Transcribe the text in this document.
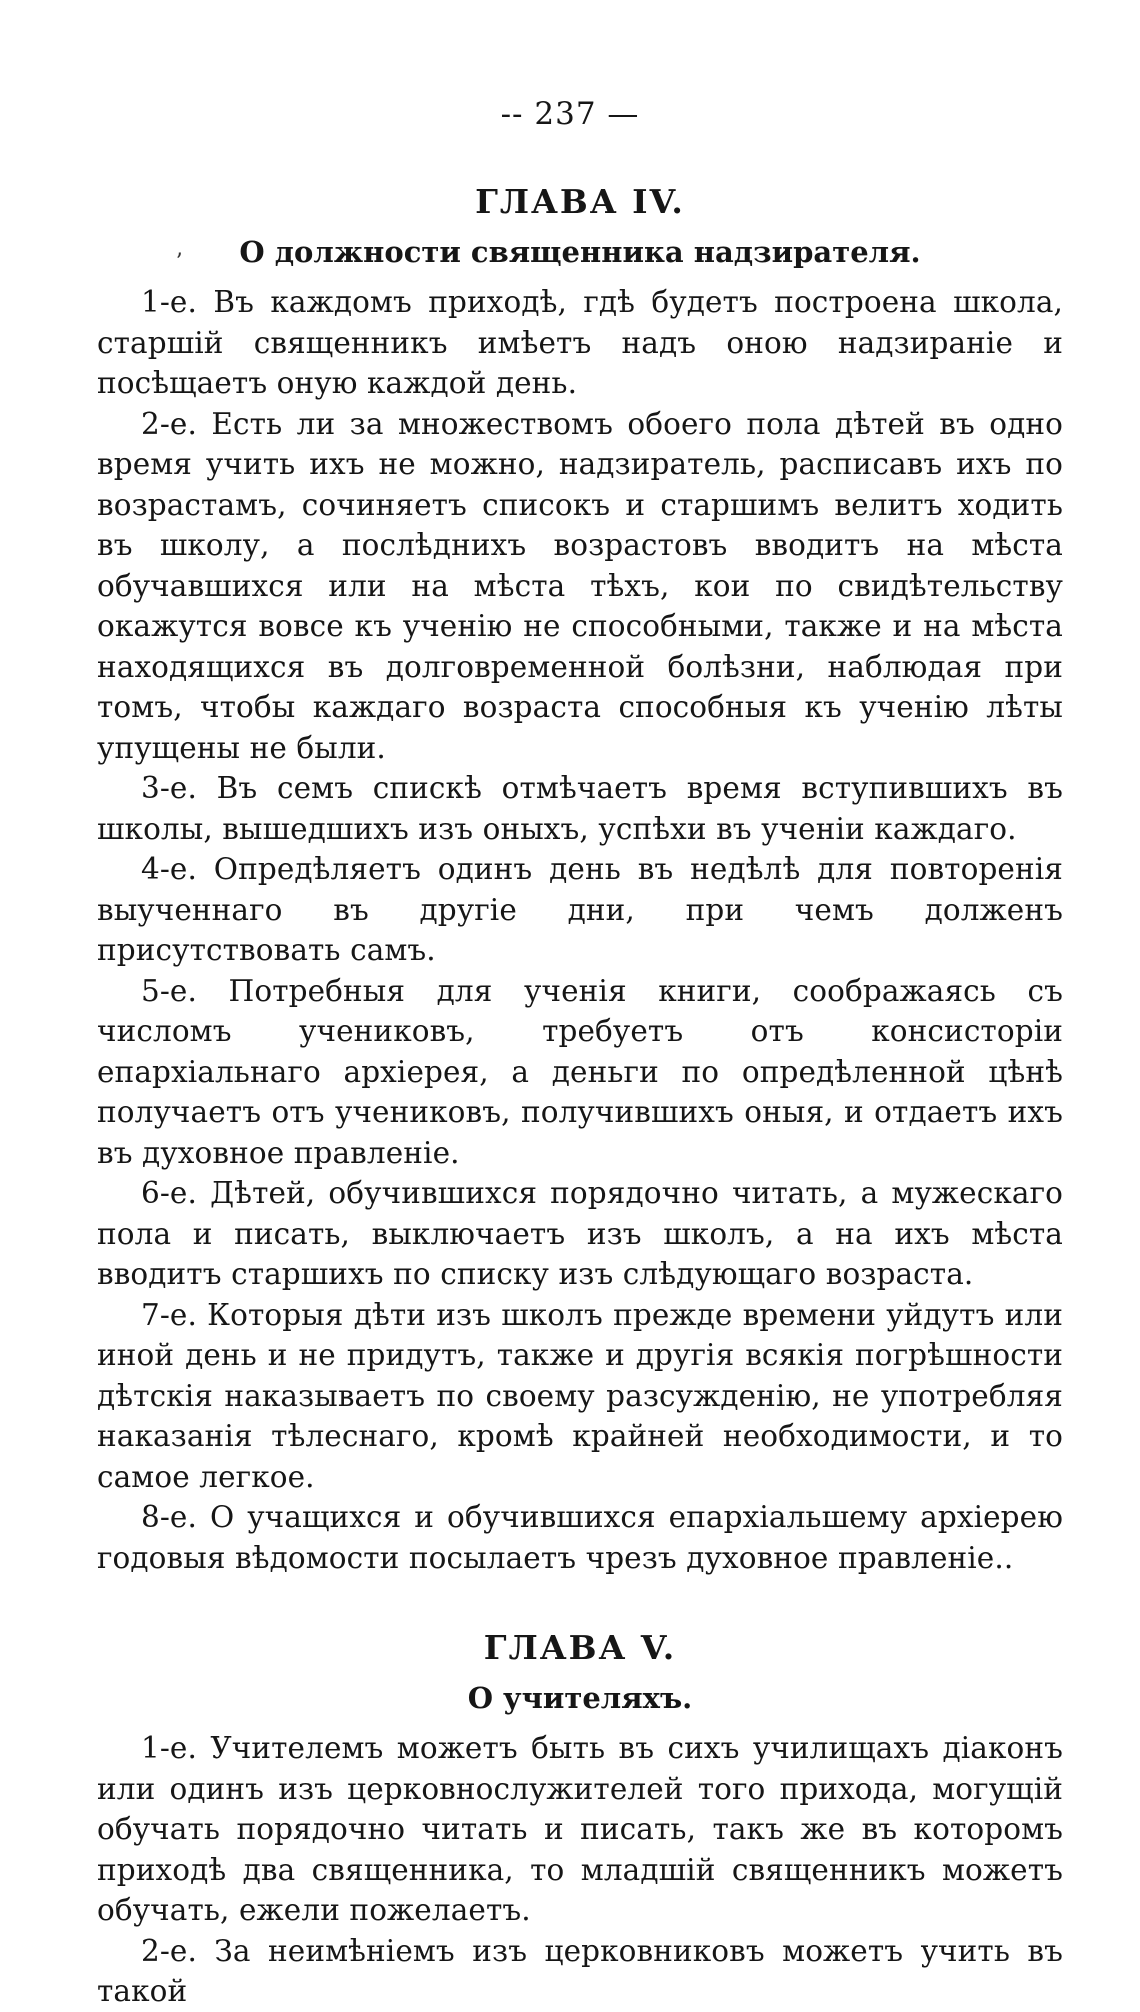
-- 237 —
ʼ
ГЛАВА IV.
О должности священника надзирателя.

1-е. Въ каждомъ приходѣ, гдѣ будетъ построена школа, старшій священникъ имѣетъ надъ оною надзираніе и посѣщаетъ оную каждой день.

2-е. Есть ли за множествомъ обоего пола дѣтей въ одно время учить ихъ не можно, надзиратель, расписавъ ихъ по возрастамъ, сочиняетъ списокъ и старшимъ велитъ ходить въ школу, а послѣднихъ возрастовъ вводитъ на мѣста обучавшихся или на мѣста тѣхъ, кои по свидѣтельству окажутся вовсе къ ученію не способными, также и на мѣста находящихся въ долговременной болѣзни, наблюдая при томъ, чтобы каждаго возраста способныя къ ученію лѣты упущены не были.

3-е. Въ семъ спискѣ отмѣчаетъ время вступившихъ въ школы, вышедшихъ изъ оныхъ, успѣхи въ ученіи каждаго.

4-е. Опредѣляетъ одинъ день въ недѣлѣ для повторенія выученнаго въ другіе дни, при чемъ долженъ присутствовать самъ.

5-е. Потребныя для ученія книги, соображаясь съ числомъ учениковъ, требуетъ отъ консисторіи епархіальнаго архіерея, а деньги по опредѣленной цѣнѣ получаетъ отъ учениковъ, получившихъ оныя, и отдаетъ ихъ въ духовное правленіе.

6-е. Дѣтей, обучившихся порядочно читать, а мужескаго пола и писать, выключаетъ изъ школъ, а на ихъ мѣста вводитъ старшихъ по списку изъ слѣдующаго возраста.

7-е. Которыя дѣти изъ школъ прежде времени уйдутъ или иной день и не придутъ, также и другія всякія погрѣшности дѣтскія наказываетъ по своему разсужденію, не употребляя наказанія тѣлеснаго, кромѣ крайней необходимости, и то самое легкое.

8-е. О учащихся и обучившихся епархіальшему архіерею годовыя вѣдомости посылаетъ чрезъ духовное правленіе..

ГЛАВА V.
О учителяхъ.

1-е. Учителемъ можетъ быть въ сихъ училищахъ діаконъ или одинъ изъ церковнослужителей того прихода, могущій обучать порядочно читать и писать, такъ же въ которомъ приходѣ два священника, то младшій священникъ можетъ обучать, ежели пожелаетъ.

2-е. За неимѣніемъ изъ церковниковъ можетъ учить въ такой
